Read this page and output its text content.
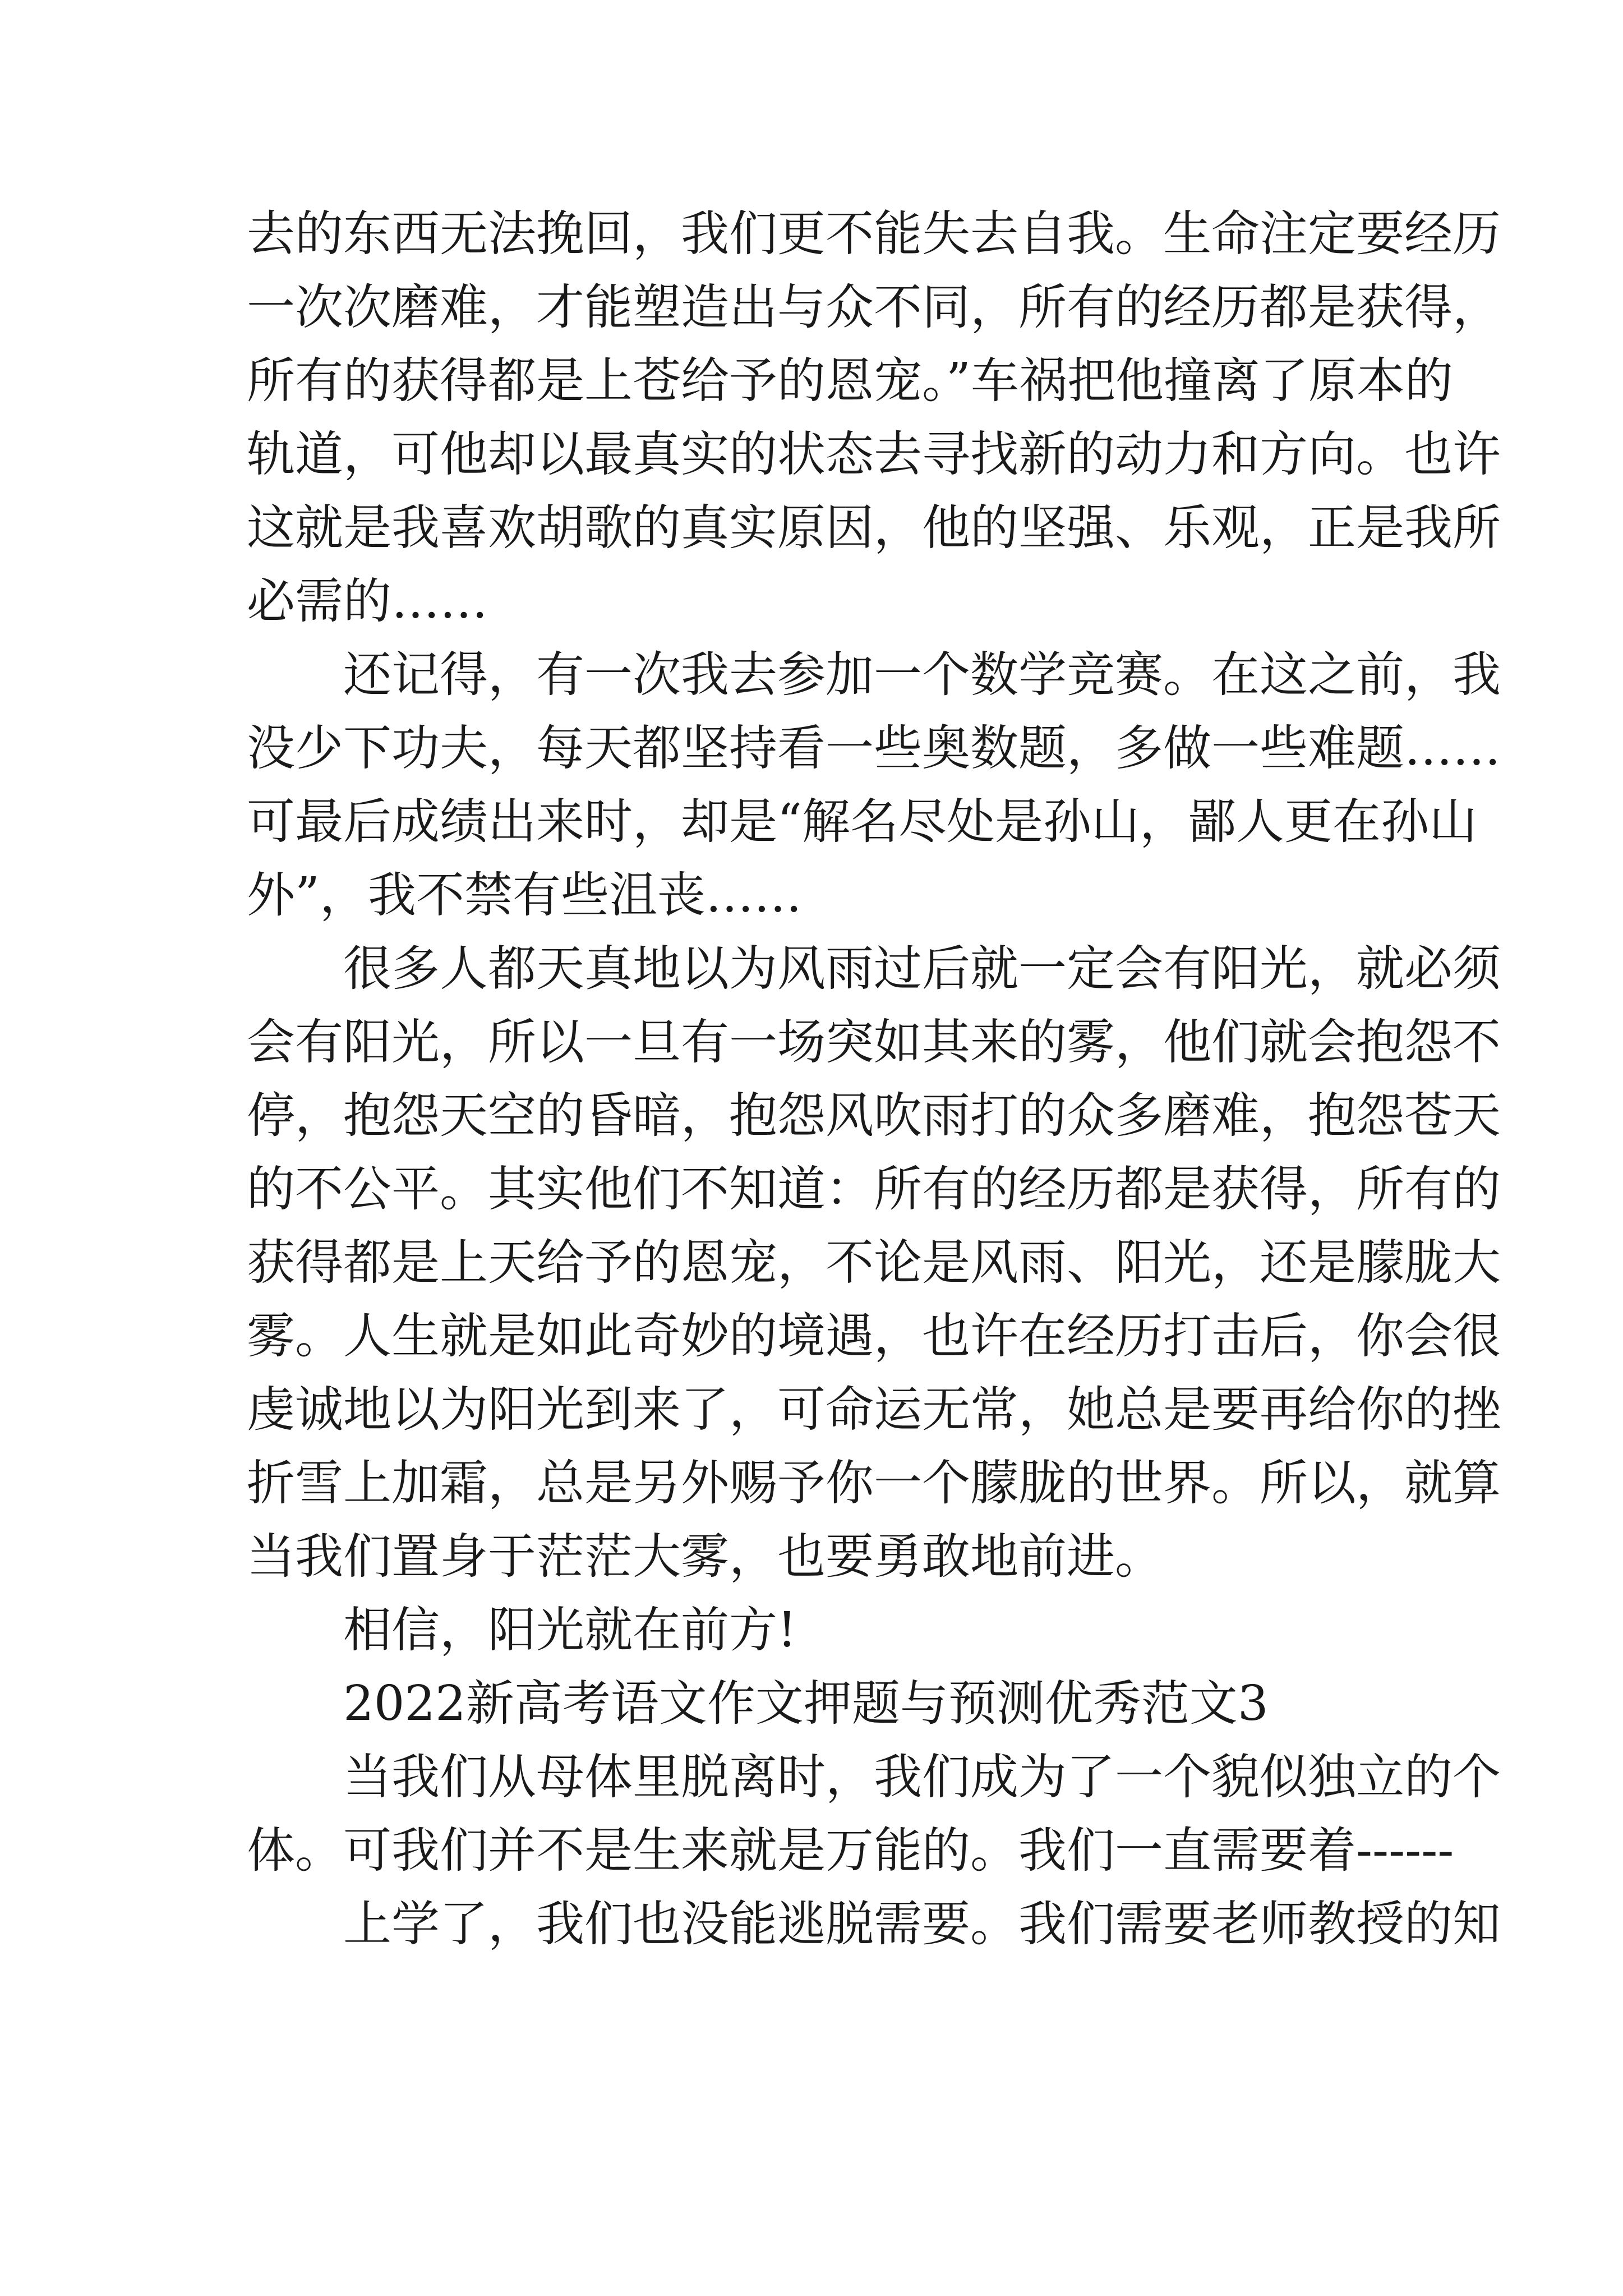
去的东西无法挽回，我们更不能失去自我。生命注定要经历
一次次磨难，才能塑造出与众不同，所有的经历都是获得，
所有的获得都是上苍给予的恩宠。”车祸把他撞离了原本的
轨道，可他却以最真实的状态去寻找新的动力和方向。也许
这就是我喜欢胡歌的真实原因，他的坚强、乐观，正是我所
必需的……
还记得，有一次我去参加一个数学竞赛。在这之前，我
没少下功夫，每天都坚持看一些奥数题，多做一些难题……
可最后成绩出来时，却是“解名尽处是孙山，鄙人更在孙山
外”，我不禁有些沮丧……
很多人都天真地以为风雨过后就一定会有阳光，就必须
会有阳光，所以一旦有一场突如其来的雾，他们就会抱怨不
停，抱怨天空的昏暗，抱怨风吹雨打的众多磨难，抱怨苍天
的不公平。其实他们不知道：所有的经历都是获得，所有的
获得都是上天给予的恩宠，不论是风雨、阳光，还是朦胧大
雾。人生就是如此奇妙的境遇，也许在经历打击后，你会很
虔诚地以为阳光到来了，可命运无常，她总是要再给你的挫
折雪上加霜，总是另外赐予你一个朦胧的世界。所以，就算
当我们置身于茫茫大雾，也要勇敢地前进。
相信，阳光就在前方!
2022新高考语文作文押题与预测优秀范文3
当我们从母体里脱离时，我们成为了一个貌似独立的个
体。可我们并不是生来就是万能的。我们一直需要着------
上学了，我们也没能逃脱需要。我们需要老师教授的知
